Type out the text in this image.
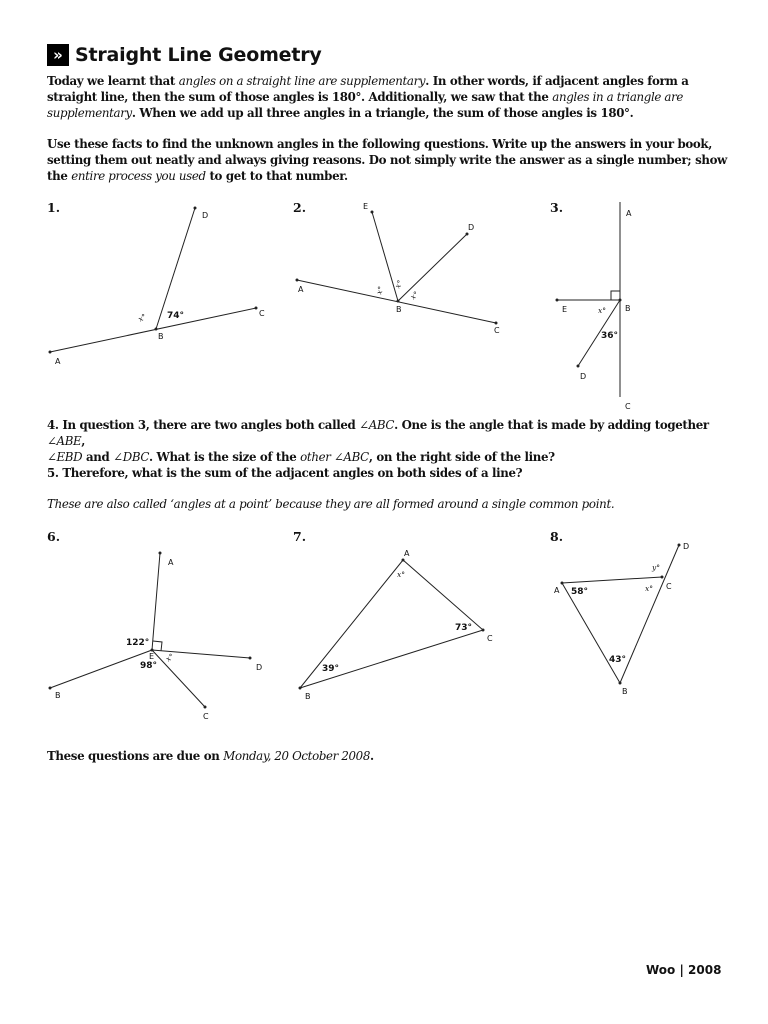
» Straight Line Geometry
Today we learnt that angles on a straight line are supplementary. In other words, if adjacent angles form a straight line, then the sum of those angles is 180°. Additionally, we saw that the angles in a triangle are supplementary. When we add up all three angles in a triangle, the sum of those angles is 180°.
Use these facts to find the unknown angles in the following questions. Write up the answers in your book, setting them out neatly and always giving reasons. Do not simply write the answer as a single number; show the entire process you used to get to that number.
1.	2.	3.
A
B
C
D
74°
x°
A
B
C
D
E
x°
x°
x°
A
B
C
D
E
36°
x°
A
B
C
D
E
122°
98°
x°
A
B
C
39°
73°
x°
A
B
C
D
58°
43°
x°
y°
4. In question 3, there are two angles both called ∠ABC. One is the angle that is made by adding together ∠ABE,
∠EBD and ∠DBC. What is the size of the other ∠ABC, on the right side of the line?
5. Therefore, what is the sum of the adjacent angles on both sides of a line?
These are also called ‘angles at a point’ because they are all formed around a single common point.
6.	7.	8.
These questions are due on Monday, 20 October 2008.
Woo | 2008
